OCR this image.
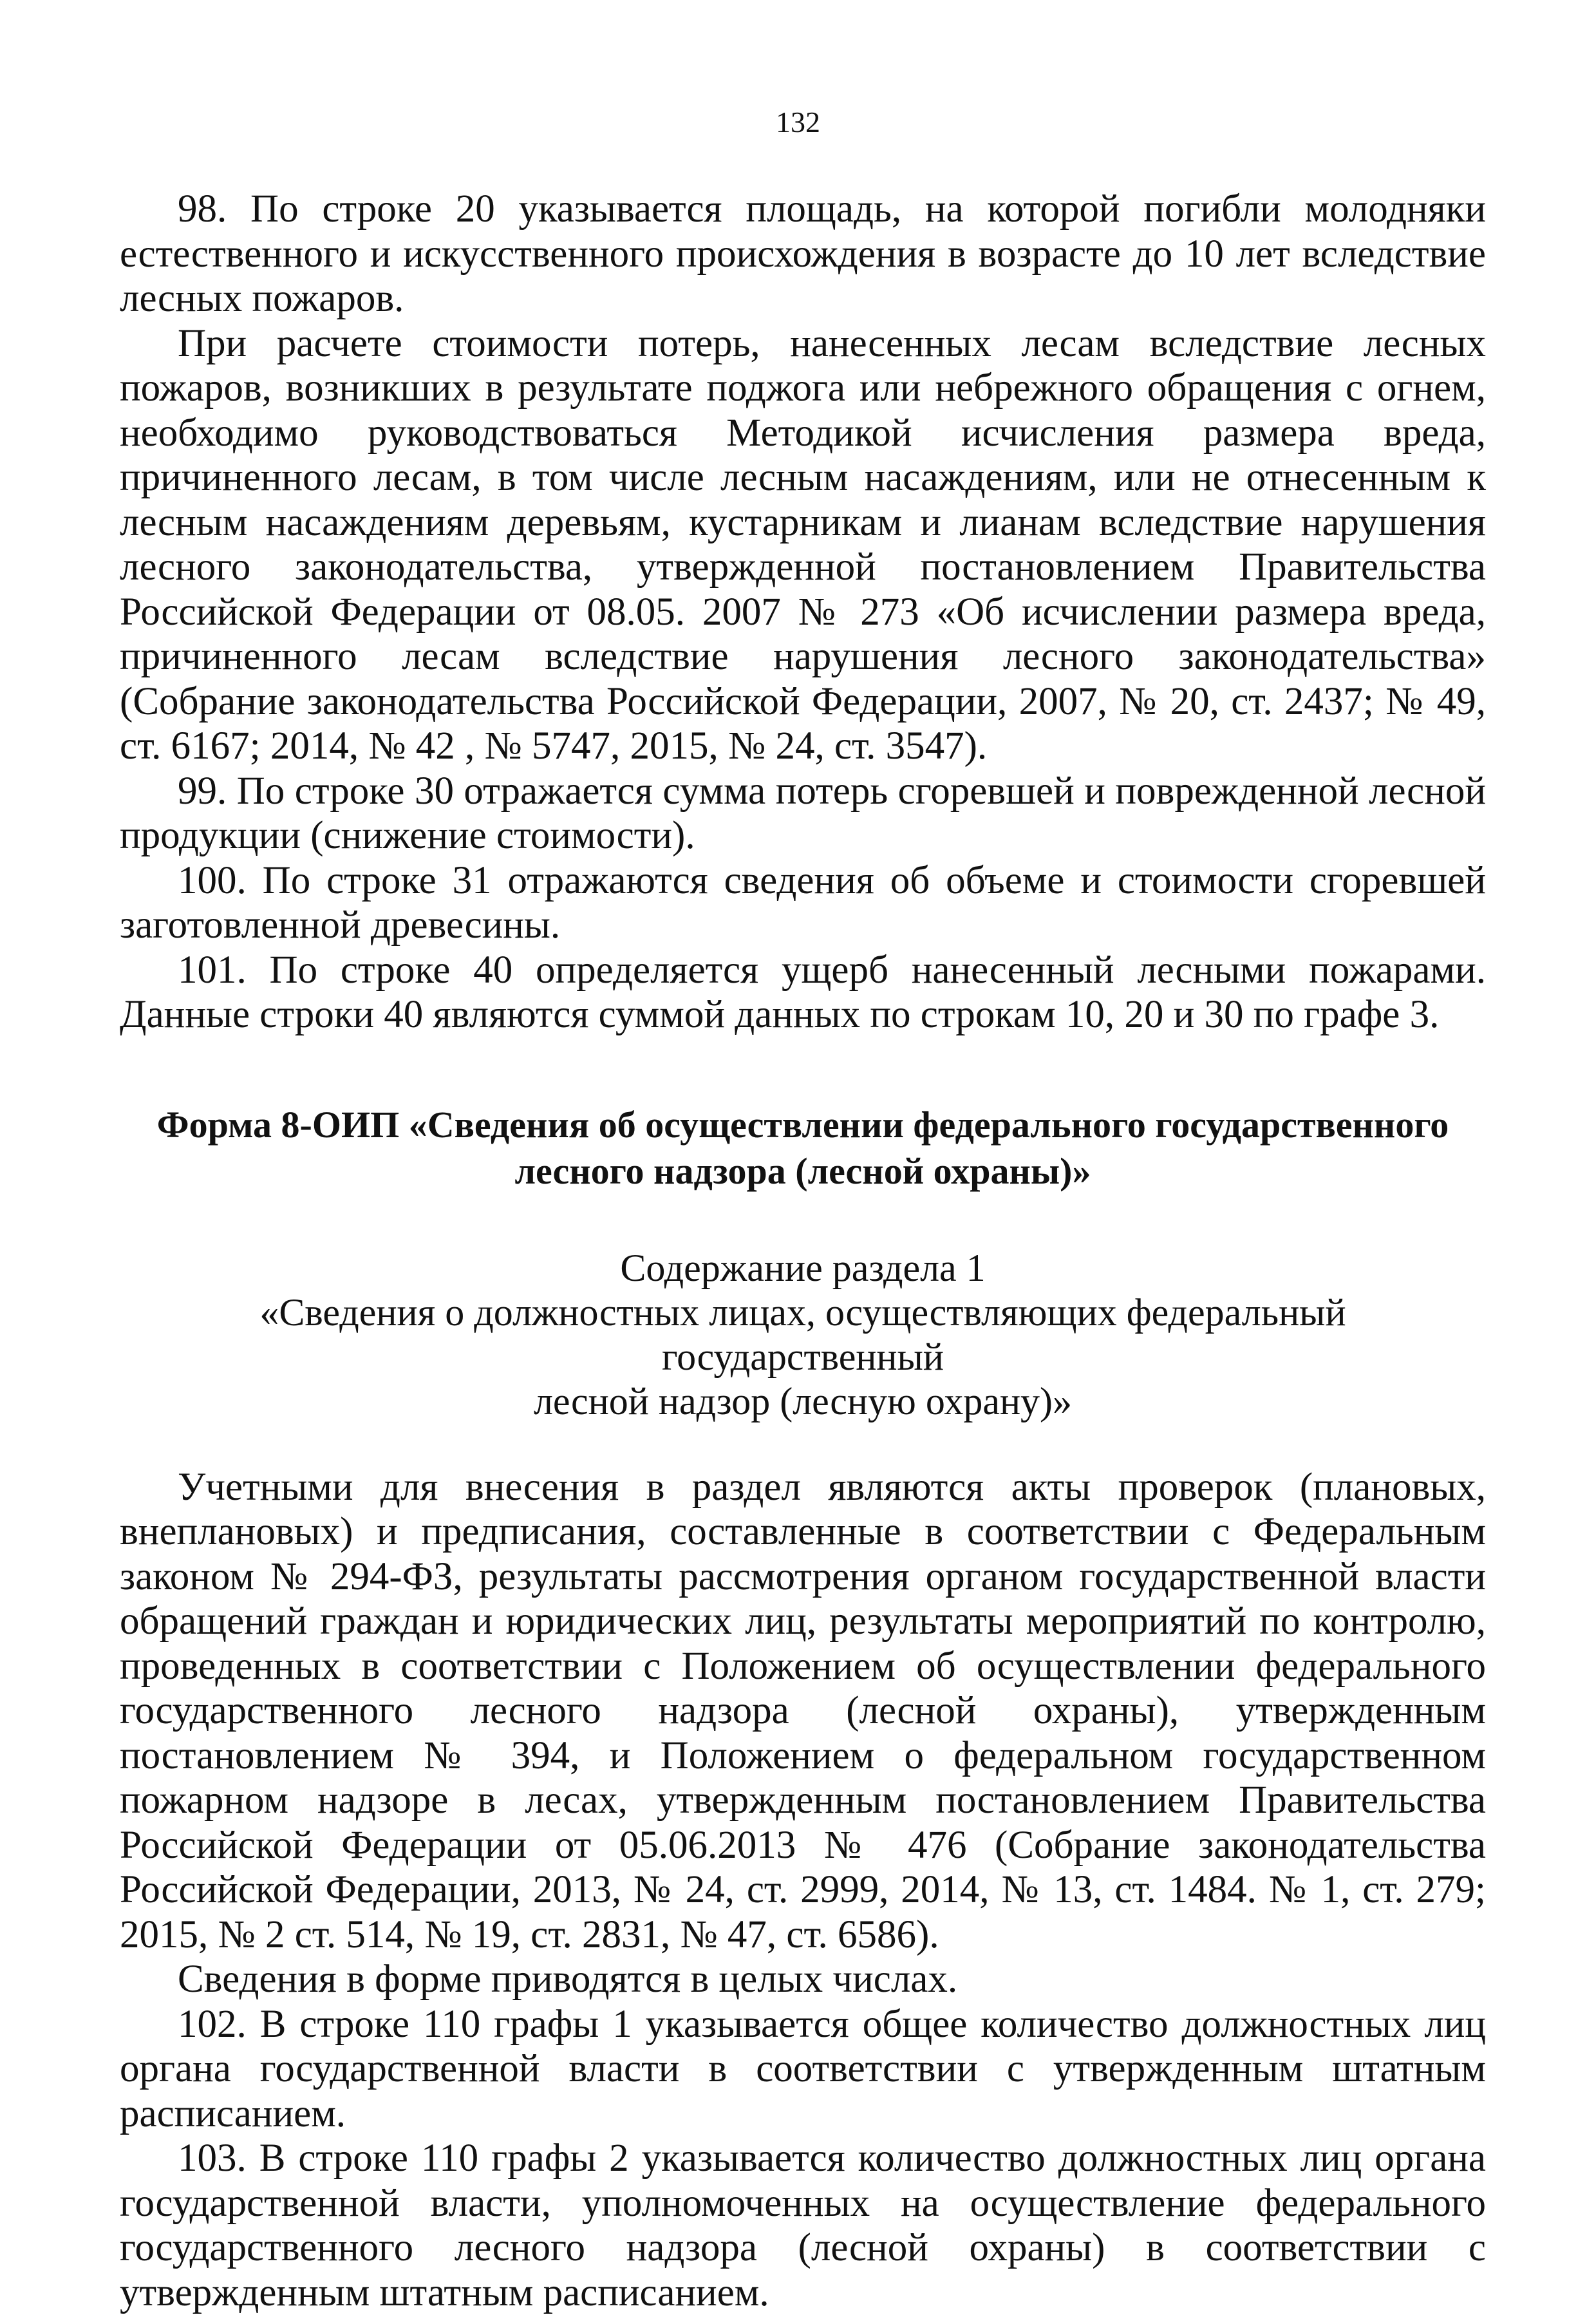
132

98. По строке 20 указывается площадь, на которой погибли молодняки естественного и искусственного происхождения в возрасте до 10 лет вследствие лесных пожаров.

При расчете стоимости потерь, нанесенных лесам вследствие лесных пожаров, возникших в результате поджога или небрежного обращения с огнем, необходимо руководствоваться Методикой исчисления размера вреда, причиненного лесам, в том числе лесным насаждениям, или не отнесенным к лесным насаждениям деревьям, кустарникам и лианам вследствие нарушения лесного законодательства, утвержденной постановлением Правительства Российской Федерации от 08.05. 2007 № 273 «Об исчислении размера вреда, причиненного лесам вследствие нарушения лесного законодательства» (Собрание законодательства Российской Федерации, 2007, № 20, ст. 2437; № 49, ст. 6167; 2014, № 42 , № 5747, 2015, № 24, ст. 3547).

99. По строке 30 отражается сумма потерь сгоревшей и поврежденной лесной продукции (снижение стоимости).

100. По строке 31 отражаются сведения об объеме и стоимости сгоревшей заготовленной древесины.

101. По строке 40 определяется ущерб нанесенный лесными пожарами. Данные строки 40 являются суммой данных по строкам 10, 20 и 30 по графе 3.

Форма 8-ОИП «Сведения об осуществлении федерального государственного лесного надзора (лесной охраны)»
Содержание раздела 1
«Сведения о должностных лицах, осуществляющих федеральный государственный
лесной надзор (лесную охрану)»

Учетными для внесения в раздел являются акты проверок (плановых, внеплановых) и предписания, составленные в соответствии с Федеральным законом № 294-ФЗ, результаты рассмотрения органом государственной власти обращений граждан и юридических лиц, результаты мероприятий по контролю, проведенных в соответствии с Положением об осуществлении федерального государственного лесного надзора (лесной охраны), утвержденным постановлением № 394, и Положением о федеральном государственном пожарном надзоре в лесах, утвержденным постановлением Правительства Российской Федерации от 05.06.2013 № 476 (Собрание законодательства Российской Федерации, 2013, № 24, ст. 2999, 2014, № 13, ст. 1484. № 1, ст. 279; 2015, № 2 ст. 514, № 19, ст. 2831, № 47, ст. 6586).

Сведения в форме приводятся в целых числах.

102. В строке 110 графы 1 указывается общее количество должностных лиц органа государственной власти в соответствии с утвержденным штатным расписанием.

103. В строке 110 графы 2 указывается количество должностных лиц органа государственной власти, уполномоченных на осуществление федерального государственного лесного надзора (лесной охраны) в соответствии с утвержденным штатным расписанием.
